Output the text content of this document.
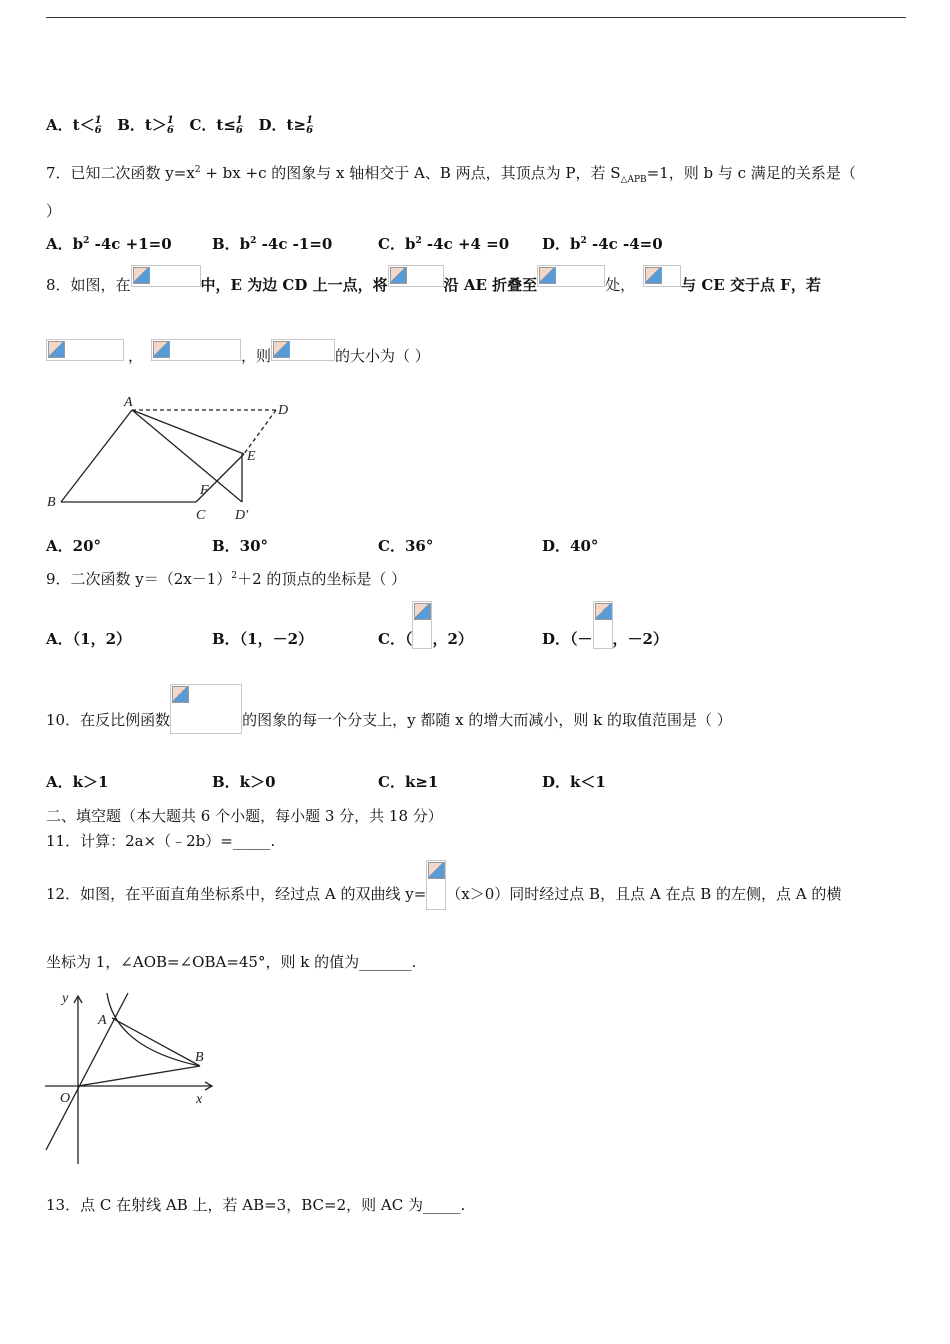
A．t＜ 1
6 B．t＞ 1
6 C．t≤ 1
6 D．t≥ 1
6
7．已知二次函数 $y=x^2$ + bx +c 的图象与 x 轴相交于 A、B 两点，其顶点为 P，若 $S_{\triangle APB}=1$，则 b 与 c 满足的关系是（
）
A．$b^2$ -4c +1=0	B．$b^2$ -4c -1=0	C．$b^2$ -4c +4 =0 D．$b^2$ -4c -4=0
8．如图，在	中，E 为边 CD 上一点，将	沿 AE 折叠至	处，	与 CE 交于点 F，若
，	，则	的大小为（ ）
A
D
E
F
B
C D′
A．20°	B．30°	C．36°	D．40°
9．二次函数 $y=(2x-1)^2+2$ 的顶点的坐标是（ ）
A．（1，2）	B．（1，－2）	C．（ ，2）	D．（－ ，－2）
10．在反比例函数	的图象的每一个分支上，y 都随 x 的增大而减小，则 k 的取值范围是（ ）
A．k＞1	B．k＞0	C．k≥1	D．k＜1
二、填空题（本大题共 6 个小题，每小题 3 分，共 18 分）
11．计算：2a×（﹣2b）=_____.
12．如图，在平面直角坐标系中，经过点 A 的双曲线 y= （x＞0）同时经过点 B，且点 A 在点 B 的左侧，点 A 的横
坐标为 1，∠AOB=∠OBA=45°，则 k 的值为_______.
y
A
B
O	x
13．点 C 在射线 AB 上，若 AB=3，BC=2，则 AC 为_____.
